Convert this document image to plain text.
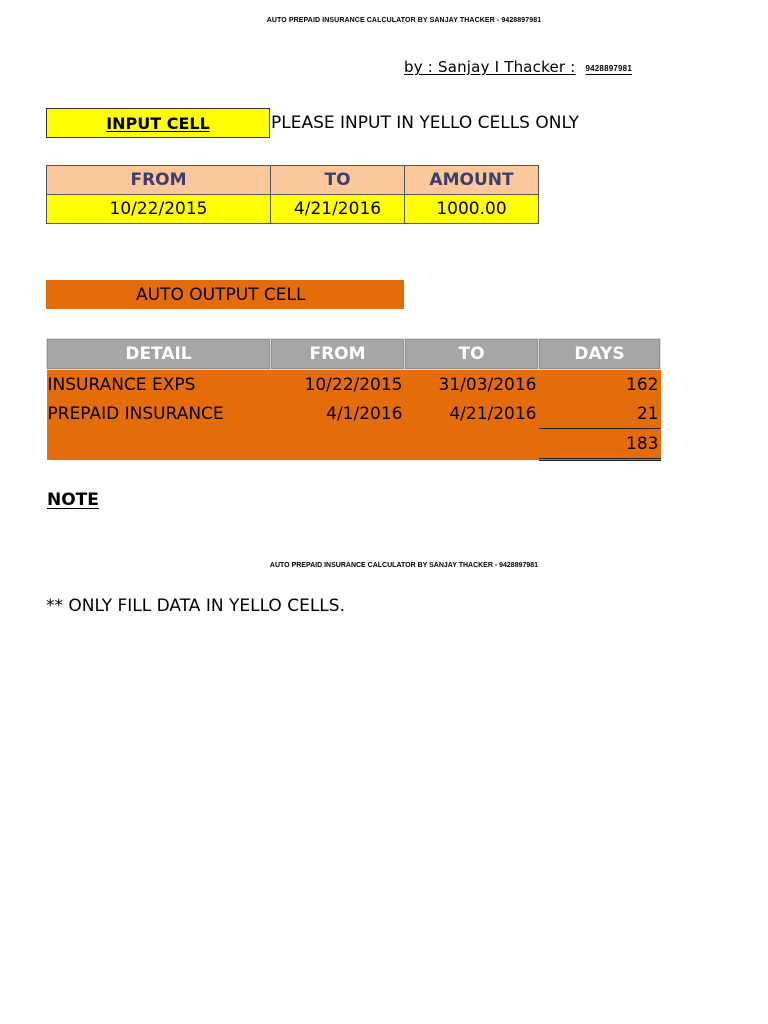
AUTO PREPAID INSURANCE CALCULATOR BY SANJAY THACKER - 9428897981
by : Sanjay I Thacker : 9428897981
INPUT CELL	PLEASE INPUT IN YELLO CELLS ONLY
FROM	TO	AMOUNT
10/22/2015	4/21/2016	1000.00
AUTO OUTPUT CELL
DETAIL	FROM	TO	DAYS
INSURANCE EXPS	10/22/2015	31/03/2016	162
PREPAID INSURANCE	4/1/2016	4/21/2016	21
			183
NOTE
AUTO PREPAID INSURANCE CALCULATOR BY SANJAY THACKER - 9428897981
** ONLY FILL DATA IN YELLO CELLS.
